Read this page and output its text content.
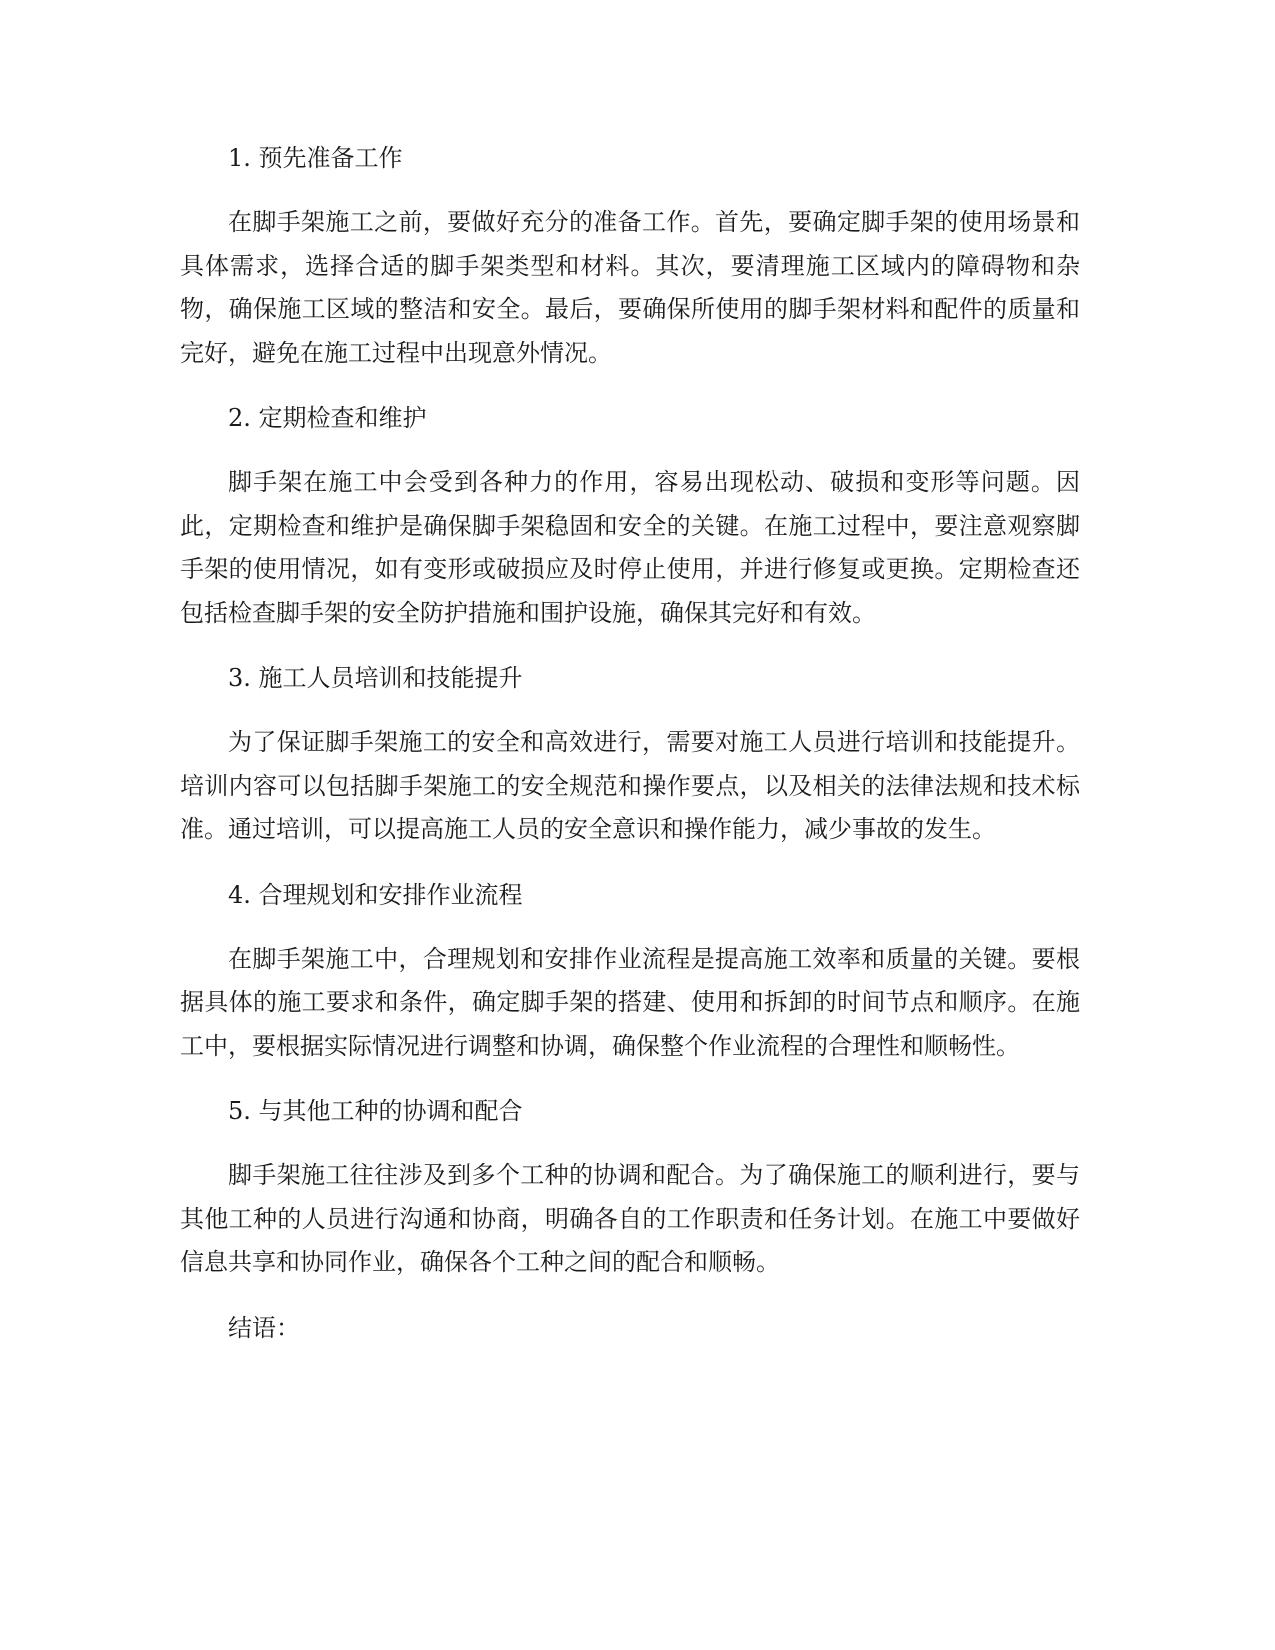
1. 预先准备工作

在脚手架施工之前，要做好充分的准备工作。首先，要确定脚手架的使用场景和具体需求，选择合适的脚手架类型和材料。其次，要清理施工区域内的障碍物和杂物，确保施工区域的整洁和安全。最后，要确保所使用的脚手架材料和配件的质量和完好，避免在施工过程中出现意外情况。

2. 定期检查和维护

脚手架在施工中会受到各种力的作用，容易出现松动、破损和变形等问题。因此，定期检查和维护是确保脚手架稳固和安全的关键。在施工过程中，要注意观察脚手架的使用情况，如有变形或破损应及时停止使用，并进行修复或更换。定期检查还包括检查脚手架的安全防护措施和围护设施，确保其完好和有效。

3. 施工人员培训和技能提升

为了保证脚手架施工的安全和高效进行，需要对施工人员进行培训和技能提升。培训内容可以包括脚手架施工的安全规范和操作要点，以及相关的法律法规和技术标准。通过培训，可以提高施工人员的安全意识和操作能力，减少事故的发生。

4. 合理规划和安排作业流程

在脚手架施工中，合理规划和安排作业流程是提高施工效率和质量的关键。要根据具体的施工要求和条件，确定脚手架的搭建、使用和拆卸的时间节点和顺序。在施工中，要根据实际情况进行调整和协调，确保整个作业流程的合理性和顺畅性。

5. 与其他工种的协调和配合

脚手架施工往往涉及到多个工种的协调和配合。为了确保施工的顺利进行，要与其他工种的人员进行沟通和协商，明确各自的工作职责和任务计划。在施工中要做好信息共享和协同作业，确保各个工种之间的配合和顺畅。

结语：
